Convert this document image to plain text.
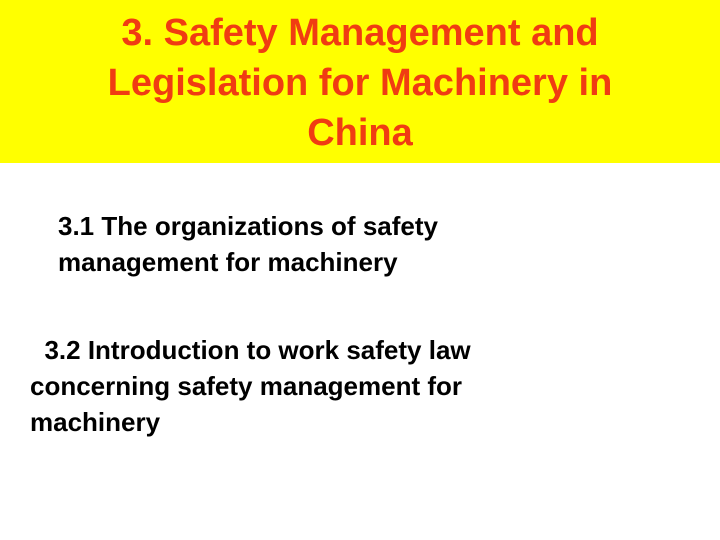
3. Safety Management and
Legislation for Machinery in
China

3.1 The organizations of safety
management for machinery

3.2 Introduction to work safety law
concerning safety management for
machinery
